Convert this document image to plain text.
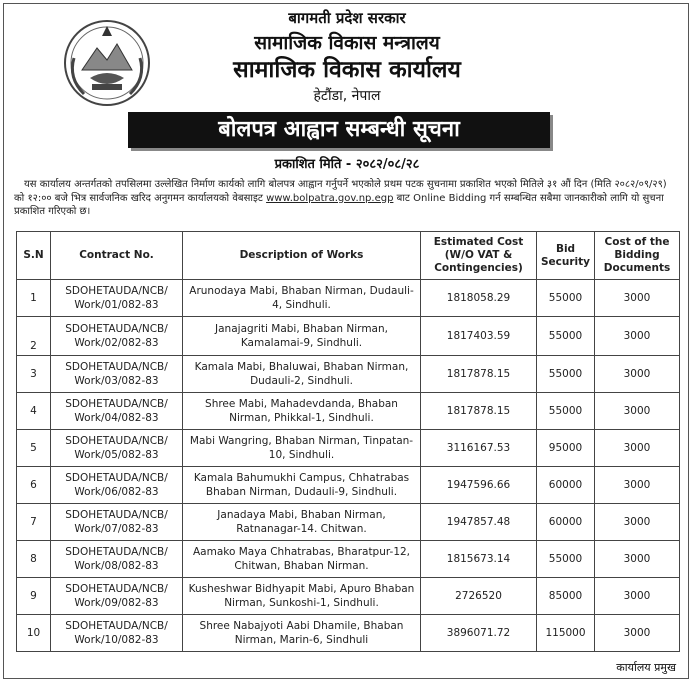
बागमती प्रदेश सरकार
सामाजिक विकास मन्त्रालय
सामाजिक विकास कार्यालय
हेटौंडा, नेपाल
बोलपत्र आह्वान सम्बन्धी सूचना
प्रकाशित मिति - २०८२/०८/२८
यस कार्यालय अन्तर्गतको तपसिलमा उल्लेखित निर्माण कार्यको लागि बोलपत्र आह्वान गर्नुपर्ने भएकोले प्रथम पटक सुचनामा प्रकाशित भएको मितिले ३१ औं दिन (मिति २०८२/०९/२९) को १२:०० बजे भित्र सार्वजनिक खरिद अनुगमन कार्यालयको वेबसाइट www.bolpatra.gov.np.egp बाट Online Bidding गर्न सम्बन्धित सबैमा जानकारीको लागि यो सुचना प्रकाशित गरिएको छ।
S.N	Contract No.	Description of Works	Estimated Cost (W/O VAT & Contingencies)	Bid Security	Cost of the Bidding Documents
1	SDOHETAUDA/NCB/ Work/01/082-83	Arunodaya Mabi, Bhaban Nirman, Dudauli-4, Sindhuli.	1818058.29	55000	3000
2	SDOHETAUDA/NCB/ Work/02/082-83	Janajagriti Mabi, Bhaban Nirman, Kamalamai-9, Sindhuli.	1817403.59	55000	3000
3	SDOHETAUDA/NCB/ Work/03/082-83	Kamala Mabi, Bhaluwai, Bhaban Nirman, Dudauli-2, Sindhuli.	1817878.15	55000	3000
4	SDOHETAUDA/NCB/ Work/04/082-83	Shree Mabi, Mahadevdanda, Bhaban Nirman, Phikkal-1, Sindhuli.	1817878.15	55000	3000
5	SDOHETAUDA/NCB/ Work/05/082-83	Mabi Wangring, Bhaban Nirman, Tinpatan-10, Sindhuli.	3116167.53	95000	3000
6	SDOHETAUDA/NCB/ Work/06/082-83	Kamala Bahumukhi Campus, Chhatrabas Bhaban Nirman, Dudauli-9, Sindhuli.	1947596.66	60000	3000
7	SDOHETAUDA/NCB/ Work/07/082-83	Janadaya Mabi, Bhaban Nirman, Ratnanagar-14. Chitwan.	1947857.48	60000	3000
8	SDOHETAUDA/NCB/ Work/08/082-83	Aamako Maya Chhatrabas, Bharatpur-12, Chitwan, Bhaban Nirman.	1815673.14	55000	3000
9	SDOHETAUDA/NCB/ Work/09/082-83	Kusheshwar Bidhyapit Mabi, Apuro Bhaban Nirman, Sunkoshi-1, Sindhuli.	2726520	85000	3000
10	SDOHETAUDA/NCB/ Work/10/082-83	Shree Nabajyoti Aabi Dhamile, Bhaban Nirman, Marin-6, Sindhuli	3896071.72	115000	3000
कार्यालय प्रमुख
